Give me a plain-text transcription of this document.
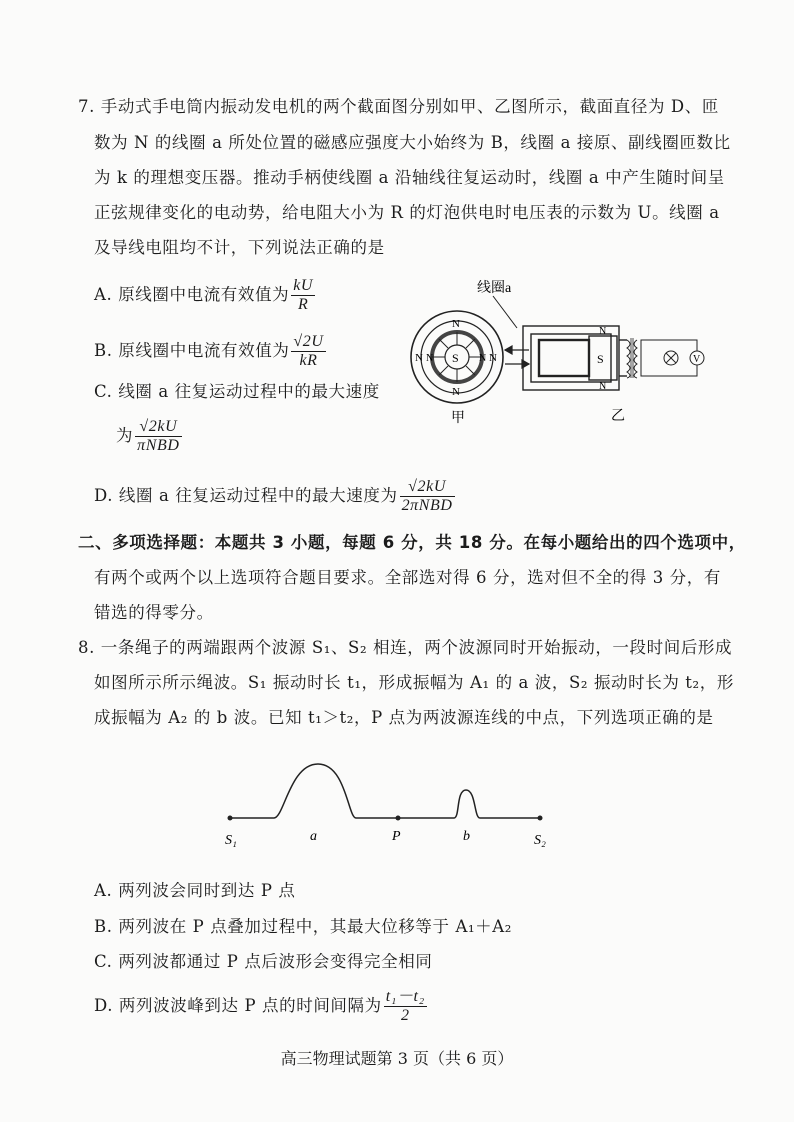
7. 手动式手电筒内振动发电机的两个截面图分别如甲、乙图所示，截面直径为 D、匝
数为 N 的线圈 a 所处位置的磁感应强度大小始终为 B，线圈 a 接原、副线圈匝数比
为 k 的理想变压器。推动手柄使线圈 a 沿轴线往复运动时，线圈 a 中产生随时间呈
正弦规律变化的电动势，给电阻大小为 R 的灯泡供电时电压表的示数为 U。线圈 a
及导线电阻均不计，下列说法正确的是
A. 原线圈中电流有效值为 $\frac{kU}{R}$
B. 原线圈中电流有效值为 $\frac{√2U}{kR}$
C. 线圈 a 往复运动过程中的最大速度
为 $\frac{√2kU}{\text{πNBD}}$
D. 线圈 a 往复运动过程中的最大速度为 $\frac{√2kU}{\text{2πNBD}}$
线圈a
N
N
N	N
N	N
S
N
N
S	V
甲	乙
二、多项选择题：本题共 3 小题，每题 6 分，共 18 分。在每小题给出的四个选项中，
有两个或两个以上选项符合题目要求。全部选对得 6 分，选对但不全的得 3 分，有
错选的得零分。
8. 一条绳子的两端跟两个波源 S₁、S₂ 相连，两个波源同时开始振动，一段时间后形成
如图所示所示绳波。S₁ 振动时长 t₁，形成振幅为 A₁ 的 a 波，S₂ 振动时长为 t₂，形
成振幅为 A₂ 的 b 波。已知 t₁＞t₂，P 点为两波源连线的中点，下列选项正确的是
S₁	a	P	b	S₂
A. 两列波会同时到达 P 点
B. 两列波在 P 点叠加过程中，其最大位移等于 A₁＋A₂
C. 两列波都通过 P 点后波形会变得完全相同
D. 两列波波峰到达 P 点的时间间隔为 $\frac{\text{t₁－t₂}}{2}$
高三物理试题第 3 页（共 6 页）
